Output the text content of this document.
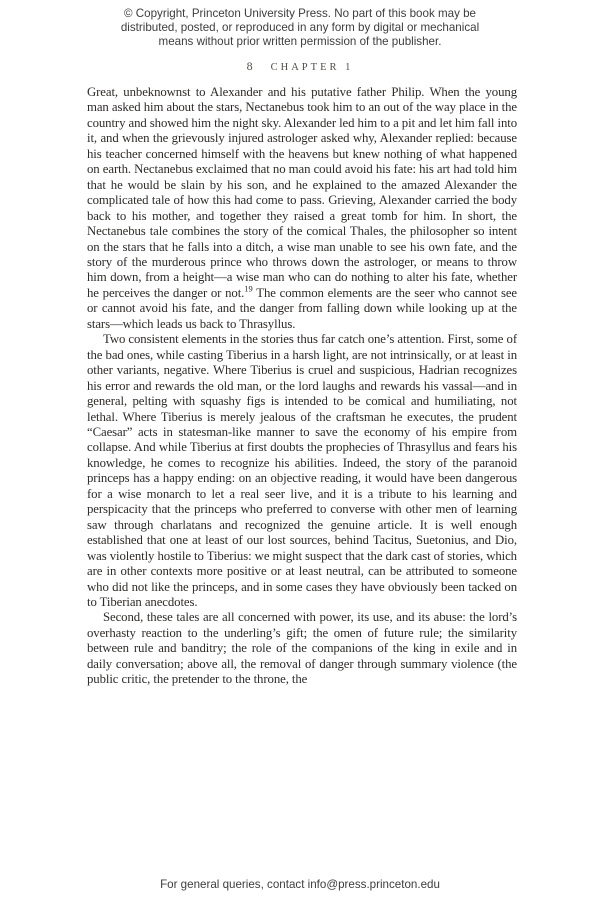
© Copyright, Princeton University Press. No part of this book may be
distributed, posted, or reproduced in any form by digital or mechanical
means without prior written permission of the publisher.
8 CHAPTER 1

Great, unbeknownst to Alexander and his putative father Philip. When the young man asked him about the stars, Nectanebus took him to an out of the way place in the country and showed him the night sky. Alexander led him to a pit and let him fall into it, and when the grievously injured astrologer asked why, Alexander replied: because his teacher concerned himself with the heavens but knew nothing of what happened on earth. Nectanebus exclaimed that no man could avoid his fate: his art had told him that he would be slain by his son, and he explained to the amazed Alexander the complicated tale of how this had come to pass. Grieving, Alexander carried the body back to his mother, and together they raised a great tomb for him. In short, the Nectanebus tale combines the story of the comical Thales, the philosopher so intent on the stars that he falls into a ditch, a wise man unable to see his own fate, and the story of the murderous prince who throws down the astrologer, or means to throw him down, from a height—a wise man who can do nothing to alter his fate, whether he perceives the danger or not.$^{19}$ The common elements are the seer who cannot see or cannot avoid his fate, and the danger from falling down while looking up at the stars—which leads us back to Thrasyllus.

Two consistent elements in the stories thus far catch one’s attention. First, some of the bad ones, while casting Tiberius in a harsh light, are not intrinsically, or at least in other variants, negative. Where Tiberius is cruel and suspicious, Hadrian recognizes his error and rewards the old man, or the lord laughs and rewards his vassal—and in general, pelting with squashy figs is intended to be comical and humiliating, not lethal. Where Tiberius is merely jealous of the craftsman he executes, the prudent “Caesar” acts in statesman-like manner to save the economy of his empire from collapse. And while Tiberius at first doubts the prophecies of Thrasyllus and fears his knowledge, he comes to recognize his abilities. Indeed, the story of the paranoid princeps has a happy ending: on an objective reading, it would have been dangerous for a wise monarch to let a real seer live, and it is a tribute to his learning and perspicacity that the princeps who preferred to converse with other men of learning saw through charlatans and recognized the genuine article. It is well enough established that one at least of our lost sources, behind Tacitus, Suetonius, and Dio, was violently hostile to Tiberius: we might suspect that the dark cast of stories, which are in other contexts more positive or at least neutral, can be attributed to someone who did not like the princeps, and in some cases they have obviously been tacked on to Tiberian anecdotes.

Second, these tales are all concerned with power, its use, and its abuse: the lord’s overhasty reaction to the underling’s gift; the omen of future rule; the similarity between rule and banditry; the role of the companions of the king in exile and in daily conversation; above all, the removal of danger through summary violence (the public critic, the pretender to the throne, the

For general queries, contact info@press.princeton.edu
